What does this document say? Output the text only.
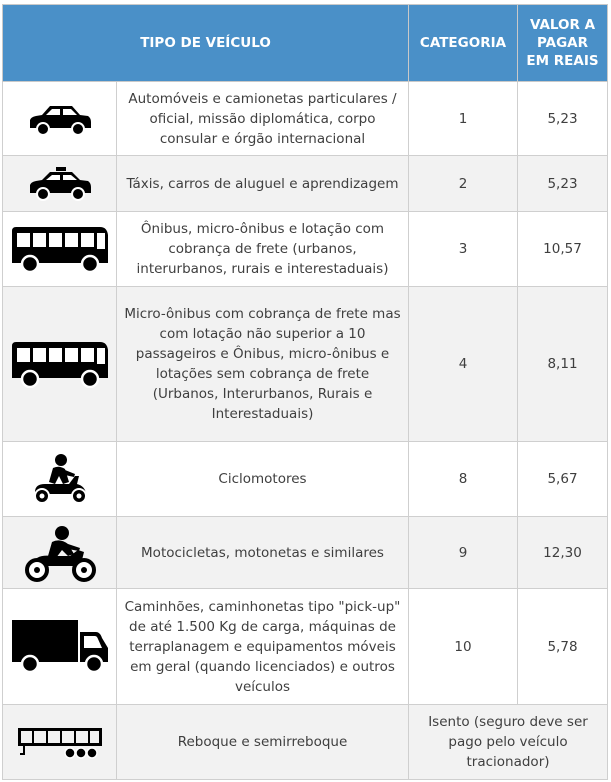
TIPO DE VEÍCULO		CATEGORIA	VALOR A PAGAR EM REAIS

	Automóveis e camionetas particulares / oficial, missão diplomática, corpo consular e órgão internacional	1	5,23

	Táxis, carros de aluguel e aprendizagem	2	5,23

	Ônibus, micro-ônibus e lotação com cobrança de frete (urbanos, interurbanos, rurais e interestaduais)	3	10,57

	Micro-ônibus com cobrança de frete mas com lotação não superior a 10 passageiros e Ônibus, micro-ônibus e lotações sem cobrança de frete (Urbanos, Interurbanos, Rurais e Interestaduais)	4	8,11

	Ciclomotores	8	5,67

	Motocicletas, motonetas e similares	9	12,30

	Caminhões, caminhonetas tipo "pick-up" de até 1.500 Kg de carga, máquinas de terraplanagem e equipamentos móveis em geral (quando licenciados) e outros veículos	10	5,78

	Reboque e semirreboque	Isento (seguro deve ser pago pelo veículo tracionador)	
